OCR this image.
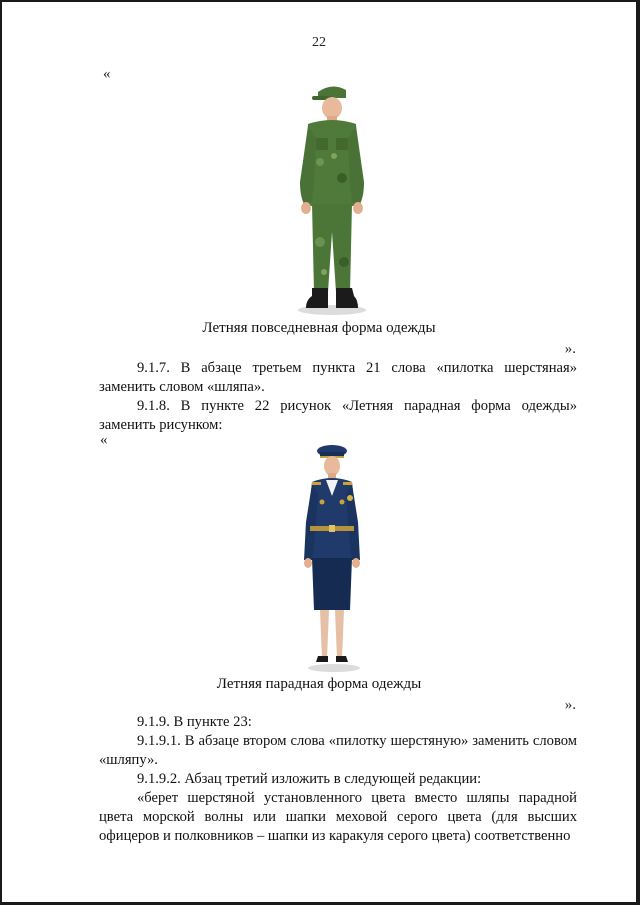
22
«
Летняя повседневная форма одежды
».
9.1.7. В абзаце третьем пункта 21 слова «пилотка шерстяная» заменить словом «шляпа».
9.1.8. В пункте 22 рисунок «Летняя парадная форма одежды» заменить рисунком:
«
Летняя парадная форма одежды
».
9.1.9. В пункте 23:
9.1.9.1. В абзаце втором слова «пилотку шерстяную» заменить словом «шляпу».
9.1.9.2. Абзац третий изложить в следующей редакции:
«берет шерстяной установленного цвета вместо шляпы парадной цвета морской волны или шапки меховой серого цвета (для высших офицеров и полковников – шапки из каракуля серого цвета) соответственно
